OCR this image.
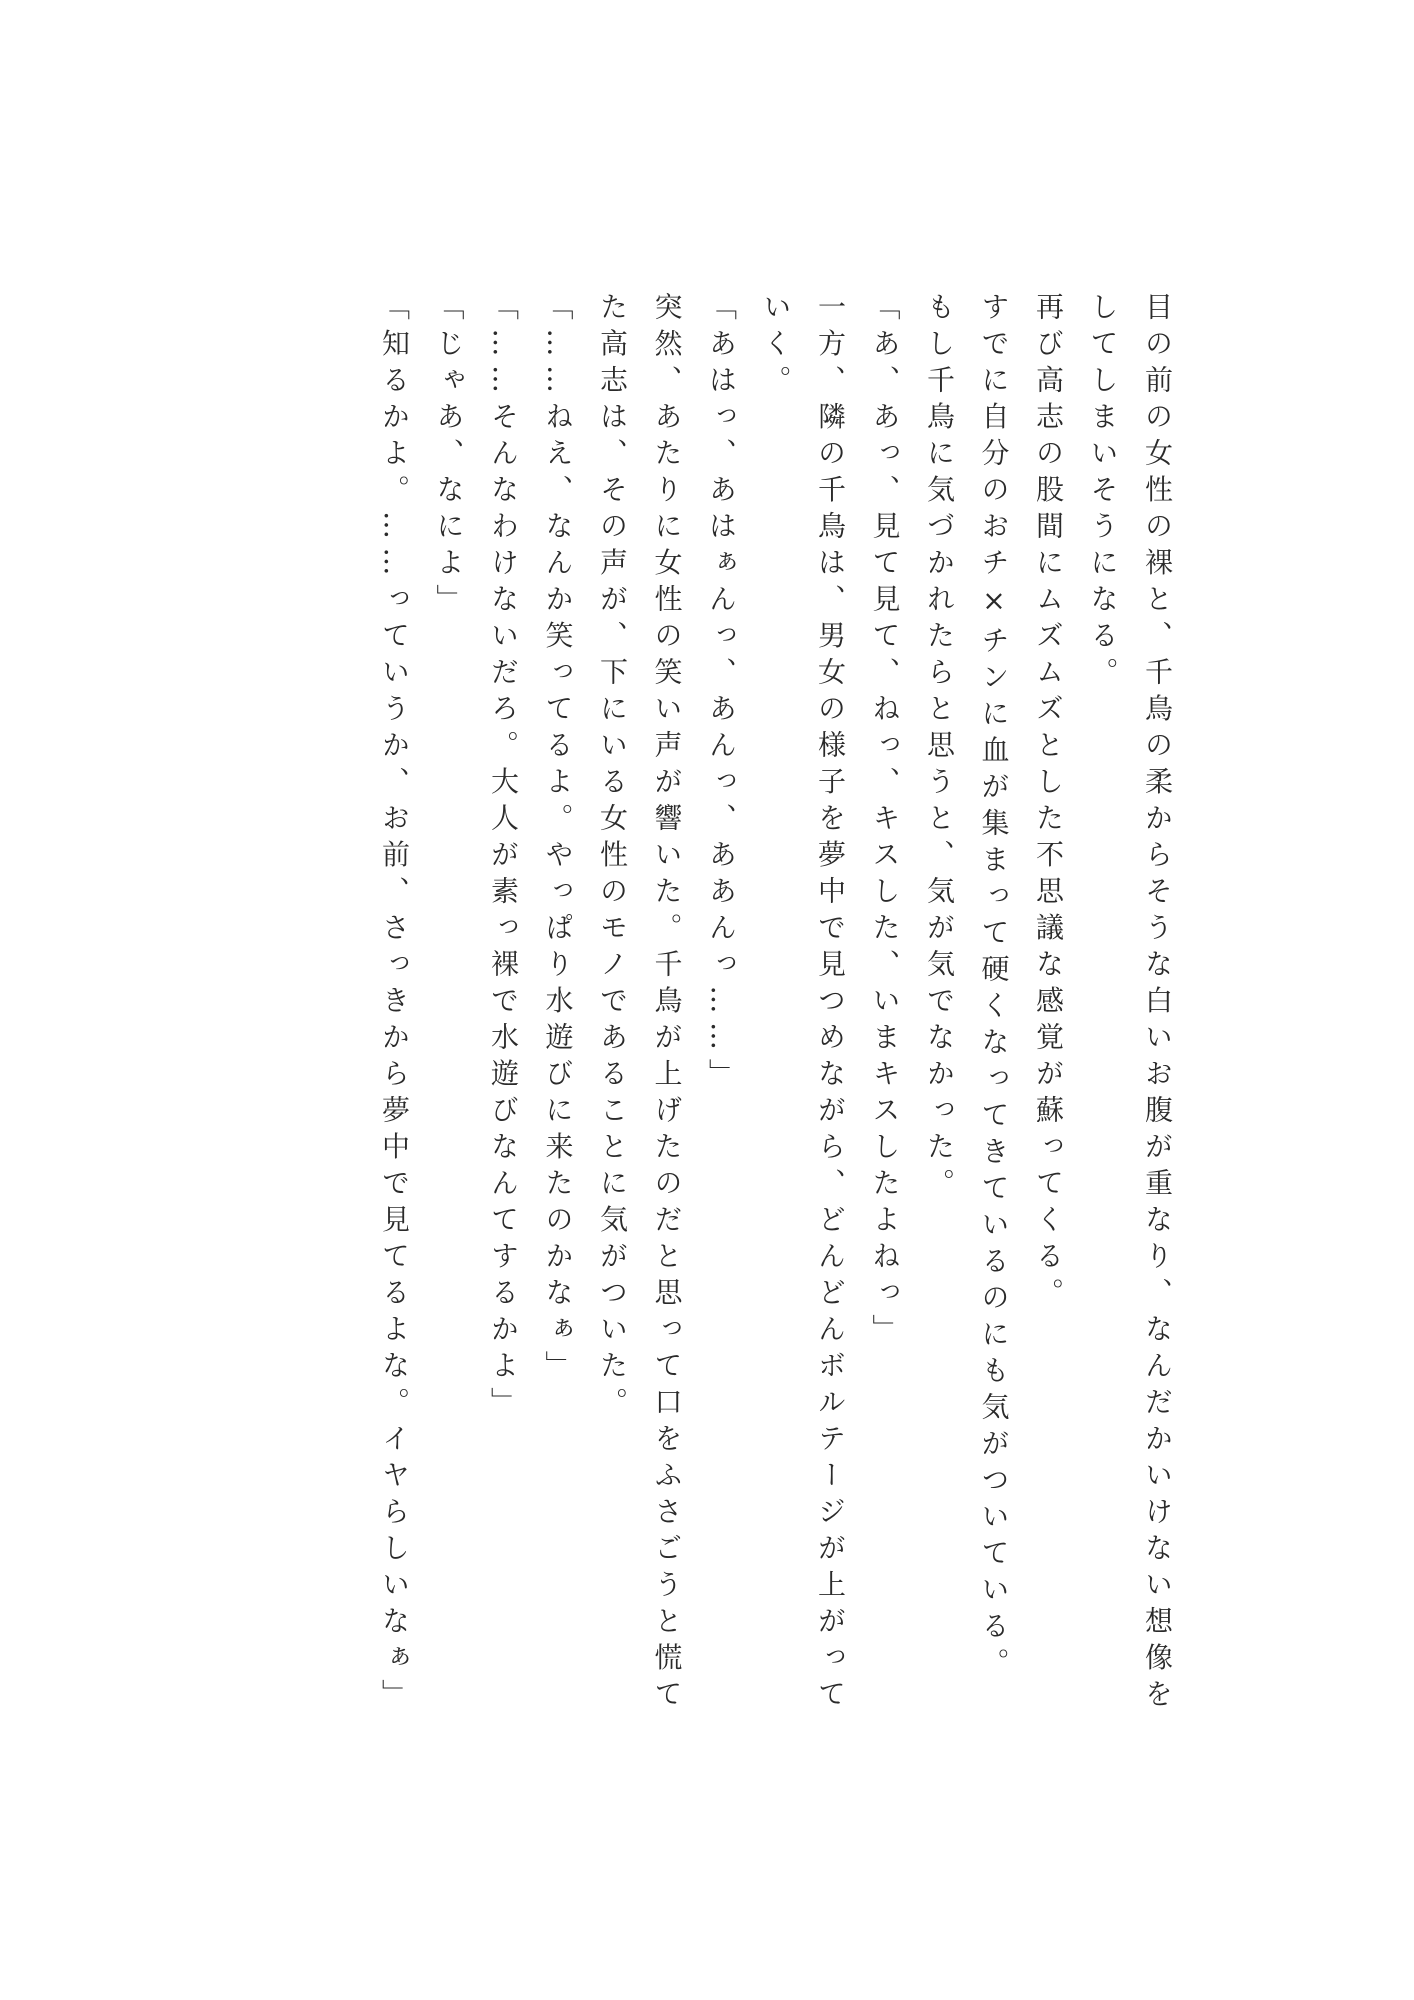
目の前の女性の裸と、千鳥の柔からそうな白いお腹が重なり、なんだかいけない想像をしてしまいそうになる。

再び高志の股間にムズムズとした不思議な感覚が蘇ってくる。

すでに自分のおチ×チンに血が集まって硬くなってきているのにも気がついている。

もし千鳥に気づかれたらと思うと、気が気でなかった。

「あ、あっ、見て見て、ねっ、キスした、いまキスしたよねっ」

一方、隣の千鳥は、男女の様子を夢中で見つめながら、どんどんボルテージが上がっていく。

「あはっ、あはぁんっ、あんっ、ああんっ……」

突然、あたりに女性の笑い声が響いた。千鳥が上げたのだと思って口をふさごうと慌てた高志は、その声が、下にいる女性のモノであることに気がついた。

「……ねえ、なんか笑ってるよ。やっぱり水遊びに来たのかなぁ」

「……そんなわけないだろ。大人が素っ裸で水遊びなんてするかよ」

「じゃあ、なによ」

「知るかよ。……っていうか、お前、さっきから夢中で見てるよな。イヤらしいなぁ」
